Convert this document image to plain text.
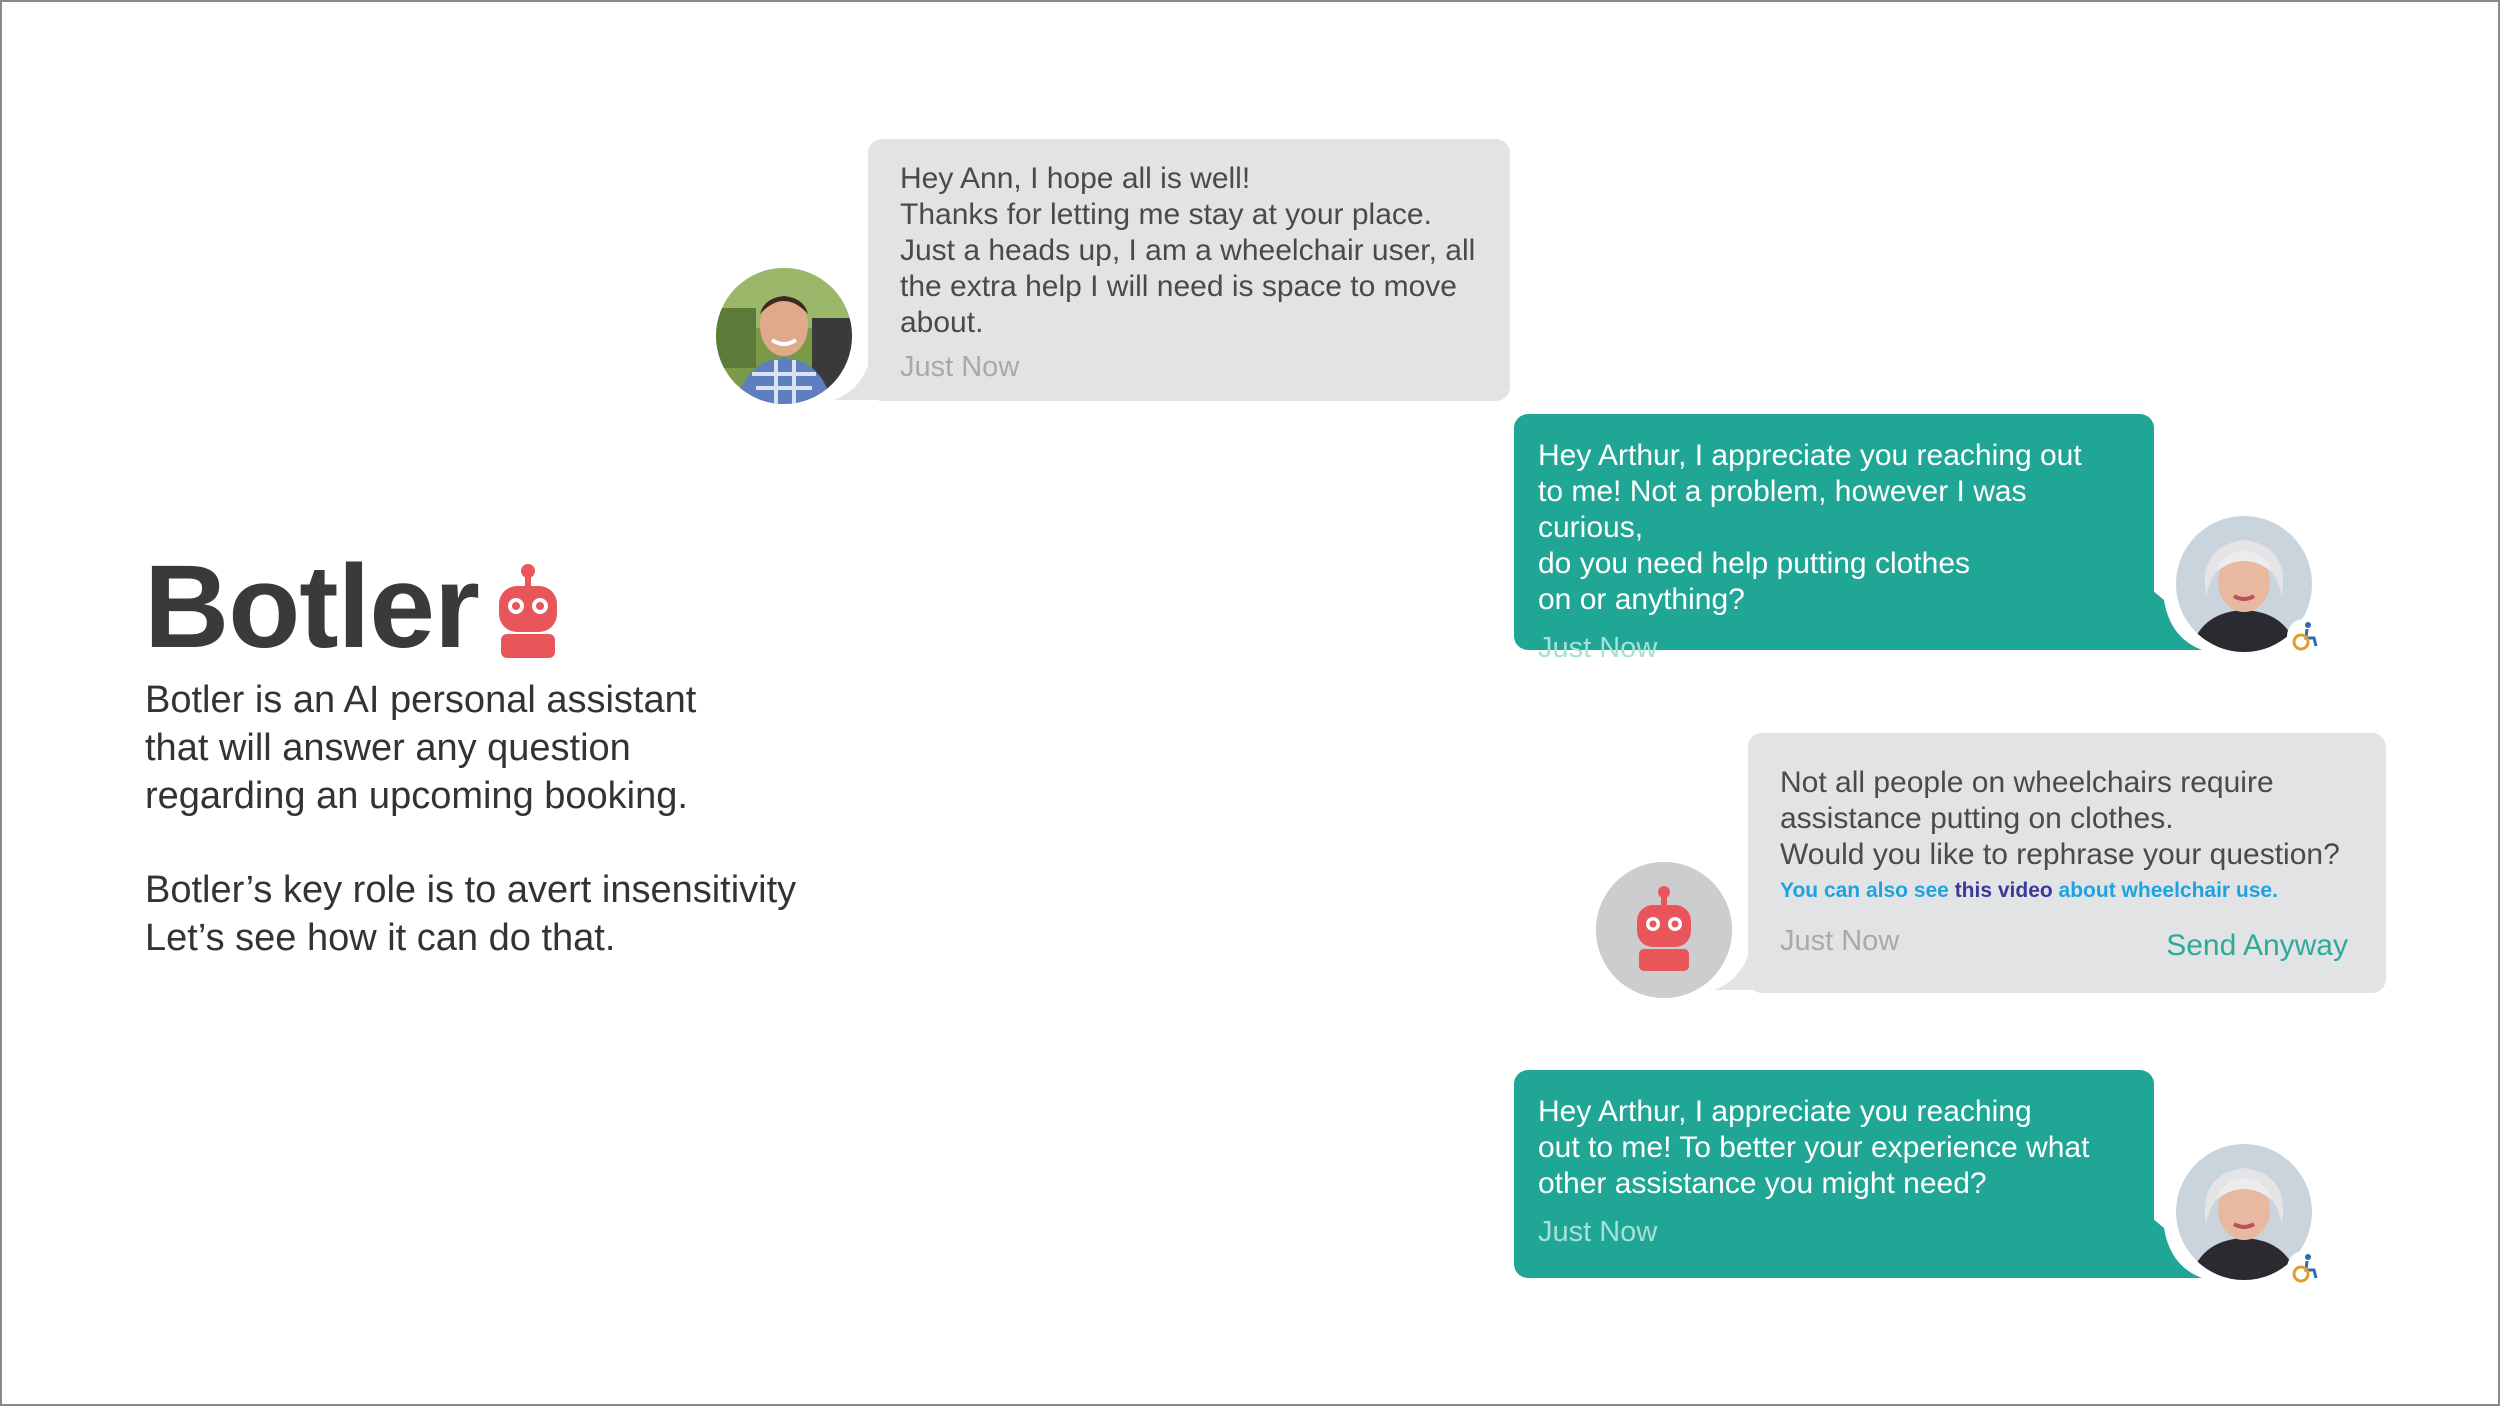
Botler

Botler is an AI personal assistant
that will answer any question
regarding an upcoming booking.

Botler’s key role is to avert insensitivity
Let’s see how it can do that.

Hey Ann, I hope all is well!
Thanks for letting me stay at your place.
Just a heads up, I am a wheelchair user, all
the extra help I will need is space to move
about.
Just Now
Hey Arthur, I appreciate you reaching out
to me! Not a problem, however I was curious,
do you need help putting clothes
on or anything?
Just Now
Not all people on wheelchairs require
assistance putting on clothes.
Would you like to rephrase your question?
You can also see this video about wheelchair use.
Just Now	Send Anyway
Hey Arthur, I appreciate you reaching
out to me! To better your experience what
other assistance you might need?
Just Now
